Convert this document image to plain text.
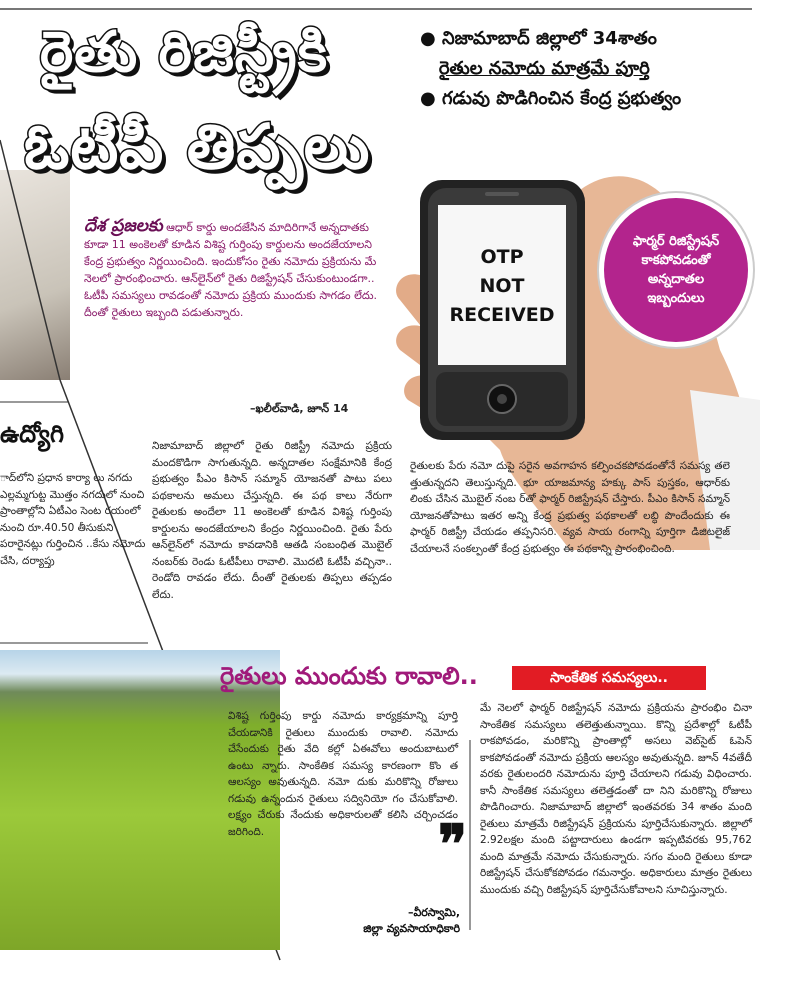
రైతు రిజిస్ట్రీకి
ఓటీపీ తిప్పలు
● నిజామాబాద్ జిల్లాలో 34శాతం
రైతుల నమోదు మాత్రమే పూర్తి
● గడువు పొడిగించిన కేంద్ర ప్రభుత్వం
OTP
NOT
RECEIVED
ఫార్మర్ రిజిస్ట్రేషన్ కాకపోవడంతో అన్నదాతల ఇబ్బందులు
దేశ ప్రజలకు ఆధార్ కార్డు అందజేసిన మాదిరిగానే అన్నదాతకు కూడా 11 అంకెలతో కూడిన విశిష్ట గుర్తింపు కార్డులను అందజేయాలని కేంద్ర ప్రభుత్వం నిర్ణయించింది. ఇందుకోసం రైతు నమోదు ప్రక్రియను మే నెలలో ప్రారంభించారు. ఆన్‌లైన్‌లో రైతు రిజిస్ట్రేషన్ చేసుకుంటుండగా.. ఓటీపీ సమస్యలు రావడంతో నమోదు ప్రక్రియ ముందుకు సాగడం లేదు. దీంతో రైతులు ఇబ్బంది పడుతున్నారు.
–ఖలీల్‌వాడి, జూన్ 14
ఉద్యోగి
ాద్‌లోని ప్రధాన కార్యా లు నగదు ఎల్లమ్మగుట్ట మొత్తం నగదులో నుంచి ప్రాంతాల్లోని ఏటీఎం సెంట రయంలో నుంచి రూ.40.50 తీసుకుని పరారైనట్లు గుర్తించిన ..కేసు నమోదు చేసి, దర్యాప్తు
నిజామాబాద్ జిల్లాలో రైతు రిజిస్ట్రీ నమోదు ప్రక్రియ మందకొడిగా సాగుతున్నది. అన్నదాతల సంక్షేమానికి కేంద్ర ప్రభుత్వం పీఎం కిసాన్ సమ్మాన్ యోజనతో పాటు పలు పథకాలను అమలు చేస్తున్నది. ఈ పథ కాలు నేరుగా రైతులకు అందేలా 11 అంకెలతో కూడిన విశిష్ట గుర్తింపు కార్డులను అందజేయాలని కేంద్రం నిర్ణయించింది. రైతు పేరు ఆన్‌లైన్‌లో నమోదు కావడానికి ఆతడి సంబంధిత మొబైల్ నంబర్‌కు రెండు ఓటీపీలు రావాలి. మొదటి ఓటీపీ వచ్చినా.. రెండోది రావడం లేదు. దీంతో రైతులకు తిప్పలు తప్పడం లేదు.
రైతులకు పేరు నమో దుపై సరైన అవగాహన కల్పించకపోవడంతోనే సమస్య తలె త్తుతున్నదని తెలుస్తున్నది. భూ యాజమాన్య హక్కు పాస్ పుస్తకం, ఆధార్‌కు లింకు చేసిన మొబైల్ నంబ ర్‌తో ఫార్మర్ రిజిస్ట్రేషన్ చేస్తారు. పీఎం కిసాన్ సమ్మాన్ యోజనతోపాటు ఇతర అన్ని కేంద్ర ప్రభుత్వ పథకాలతో లబ్ధి పొందేందుకు ఈ ఫార్మర్ రిజిస్ట్రీ చేయడం తప్పనిసరి. వ్యవ సాయ రంగాన్ని పూర్తిగా డిజిటలైజ్ చేయాలనే సంకల్పంతో కేంద్ర ప్రభుత్వం ఈ పథకాన్ని ప్రారంభించింది.
రైతులు ముందుకు రావాలి..
విశిష్ట గుర్తింపు కార్డు నమోదు కార్యక్రమాన్ని పూర్తి చేయడానికి రైతులు ముందుకు రావాలి. నమోదు చేసేందుకు రైతు వేది కల్లో ఏఈవోలు అందుబాటులో ఉంటు న్నారు. సాంకేతిక సమస్య కారణంగా కొం త ఆలస్యం అవుతున్నది. నమో దుకు మరికొన్ని రోజులు గడువు ఉన్నందున రైతులు సద్వినియో గం చేసుకోవాలి. లక్ష్యం చేరుకు నేందుకు అధికారులతో కలిసి చర్చించడం జరిగింది.	❞
–వీరస్వామి,
జిల్లా వ్యవసాయాధికారి
సాంకేతిక సమస్యలు..
మే నెలలో ఫార్మర్ రిజిస్ట్రేషన్ నమోదు ప్రక్రియను ప్రారంభిం చినా సాంకేతిక సమస్యలు తలెత్తుతున్నాయి. కొన్ని ప్రదేశాల్లో ఓటీపీ రాకపోవడం, మరికొన్ని ప్రాంతాల్లో అసలు వెబ్‌సైట్ ఓపెన్ కాకపోవడంతో నమోదు ప్రక్రియ ఆలస్యం అవుతున్నది. జూన్ 4వతేదీ వరకు రైతులందరి నమోదును పూర్తి చేయాలని గడువు విధించారు. కానీ సాంకేతిక సమస్యలు తలెత్తడంతో దా నిని మరికొన్ని రోజులు పొడిగించారు. నిజామాబాద్ జిల్లాలో ఇంతవరకు 34 శాతం మంది రైతులు మాత్రమే రిజిస్ట్రేషన్ ప్రక్రియను పూర్తిచేసుకున్నారు. జిల్లాలో 2.92లక్షల మంది పట్టాదారులు ఉండగా ఇప్పటివరకు 95,762 మంది మాత్రమే నమోదు చేసుకున్నారు. సగం మంది రైతులు కూడా రిజిస్ట్రేషన్ చేసుకోకపోవడం గమనార్హం. అధికారులు మాత్రం రైతులు ముందుకు వచ్చి రిజిస్ట్రేషన్ పూర్తిచేసుకోవాలని సూచిస్తున్నారు.
